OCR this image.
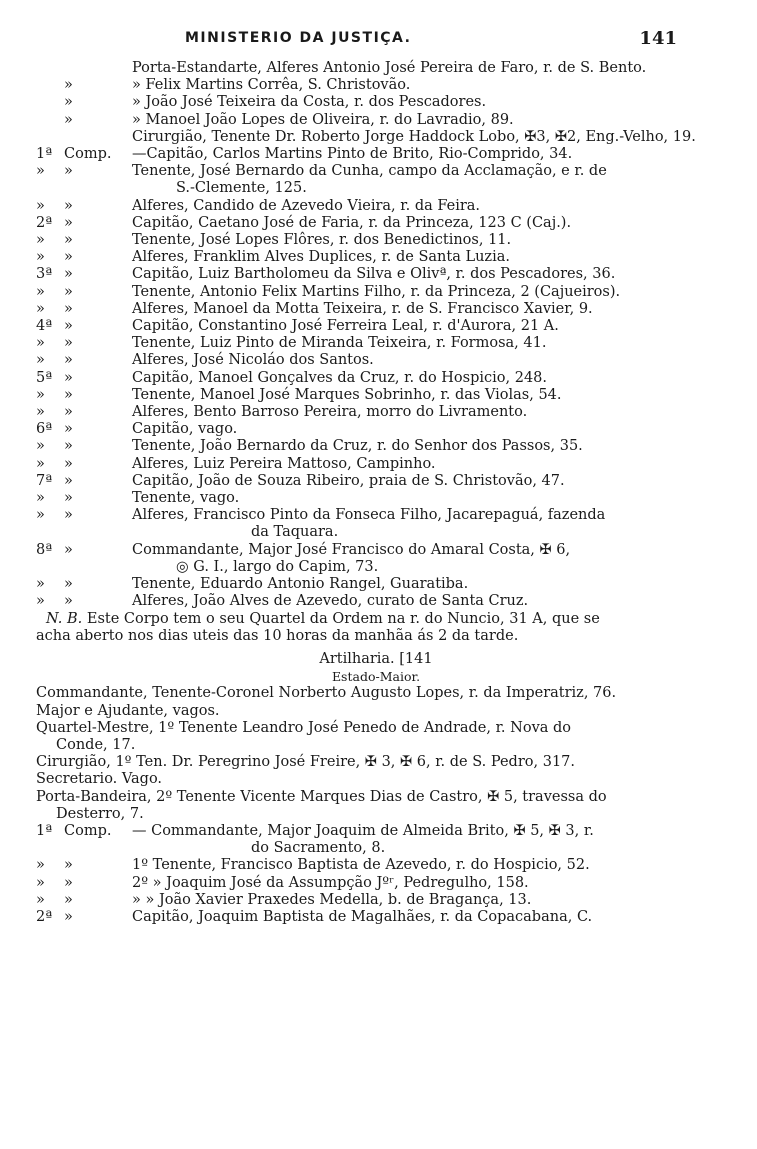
MINISTERIO DA JUSTIÇA.	141
Porta-Estandarte, Alferes Antonio José Pereira de Faro, r. de S. Bento.
»	» Felix Martins Corrêa, S. Christovão.
»	» João José Teixeira da Costa, r. dos Pescadores.
»	» Manoel João Lopes de Oliveira, r. do Lavradio, 89.
Cirurgião, Tenente Dr. Roberto Jorge Haddock Lobo, ✠3, ✠2, Eng.-Velho, 19.
1ª Comp. —Capitão, Carlos Martins Pinto de Brito, Rio-Comprido, 34.
» »	Tenente, José Bernardo da Cunha, campo da Acclamação, e r. de
S.-Clemente, 125.
» »	Alferes, Candido de Azevedo Vieira, r. da Feira.
2ª »	Capitão, Caetano José de Faria, r. da Princeza, 123 C (Caj.).
» »	Tenente, José Lopes Flôres, r. dos Benedictinos, 11.
» »	Alferes, Franklim Alves Duplices, r. de Santa Luzia.
3ª »	Capitão, Luiz Bartholomeu da Silva e Olivª, r. dos Pescadores, 36.
» »	Tenente, Antonio Felix Martins Filho, r. da Princeza, 2 (Cajueiros).
» »	Alferes, Manoel da Motta Teixeira, r. de S. Francisco Xavier, 9.
4ª »	Capitão, Constantino José Ferreira Leal, r. d'Aurora, 21 A.
» »	Tenente, Luiz Pinto de Miranda Teixeira, r. Formosa, 41.
» »	Alferes, José Nicoláo dos Santos.
5ª »	Capitão, Manoel Gonçalves da Cruz, r. do Hospicio, 248.
» »	Tenente, Manoel José Marques Sobrinho, r. das Violas, 54.
» »	Alferes, Bento Barroso Pereira, morro do Livramento.
6ª »	Capitão, vago.
» »	Tenente, João Bernardo da Cruz, r. do Senhor dos Passos, 35.
» »	Alferes, Luiz Pereira Mattoso, Campinho.
7ª »	Capitão, João de Souza Ribeiro, praia de S. Christovão, 47.
» »	Tenente, vago.
» »	Alferes, Francisco Pinto da Fonseca Filho, Jacarepaguá, fazenda
da Taquara.
8ª »	Commandante, Major José Francisco do Amaral Costa, ✠ 6,
◎ G. I., largo do Capim, 73.
» »	Tenente, Eduardo Antonio Rangel, Guaratiba.
» »	Alferes, João Alves de Azevedo, curato de Santa Cruz.
N. B. Este Corpo tem o seu Quartel da Ordem na r. do Nuncio, 31 A, que se
acha aberto nos dias uteis das 10 horas da manhãa ás 2 da tarde.
Artilharia. [141
Estado-Maior.
Commandante, Tenente-Coronel Norberto Augusto Lopes, r. da Imperatriz, 76.
Major e Ajudante, vagos.
Quartel-Mestre, 1º Tenente Leandro José Penedo de Andrade, r. Nova do
Conde, 17.
Cirurgião, 1º Ten. Dr. Peregrino José Freire, ✠ 3, ✠ 6, r. de S. Pedro, 317.
Secretario. Vago.
Porta-Bandeira, 2º Tenente Vicente Marques Dias de Castro, ✠ 5, travessa do
Desterro, 7.
1ª Comp. — Commandante, Major Joaquim de Almeida Brito, ✠ 5, ✠ 3, r.
do Sacramento, 8.
» »	1º Tenente, Francisco Baptista de Azevedo, r. do Hospicio, 52.
» »	2º » Joaquim José da Assumpção Jºʳ, Pedregulho, 158.
» »	» » João Xavier Praxedes Medella, b. de Bragança, 13.
2ª »	Capitão, Joaquim Baptista de Magalhães, r. da Copacabana, C.
